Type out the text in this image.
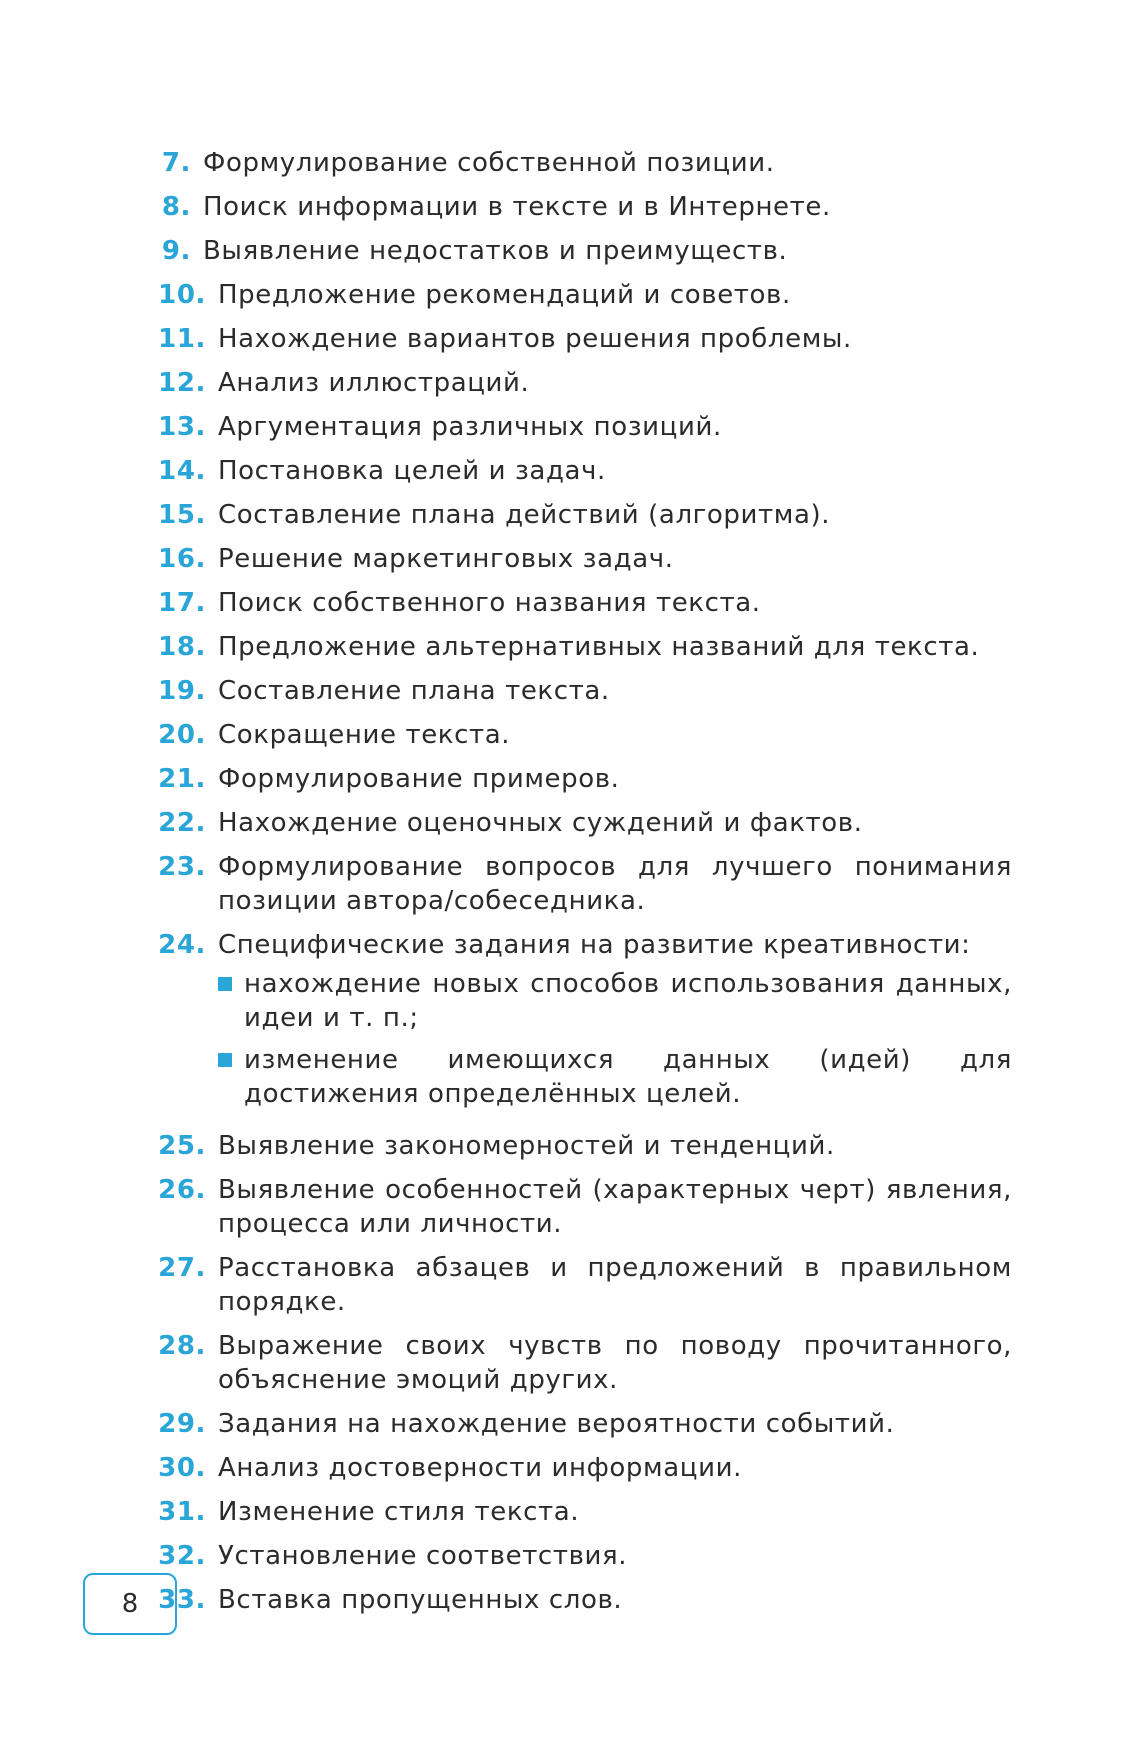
7. Формулирование собственной позиции.
8. Поиск информации в тексте и в Интернете.
9. Выявление недостатков и преимуществ.
10. Предложение рекомендаций и советов.
11. Нахождение вариантов решения проблемы.
12. Анализ иллюстраций.
13. Аргументация различных позиций.
14. Постановка целей и задач.
15. Составление плана действий (алгоритма).
16. Решение маркетинговых задач.
17. Поиск собственного названия текста.
18. Предложение альтернативных названий для текста.
19. Составление плана текста.
20. Сокращение текста.
21. Формулирование примеров.
22. Нахождение оценочных суждений и фактов.
23. Формулирование вопросов для лучшего понимания позиции автора/собеседника.
24. Специфические задания на развитие креативности:
нахождение новых способов использования данных, идеи и т. п.;
изменение имеющихся данных (идей) для достижения определённых целей.
25. Выявление закономерностей и тенденций.
26. Выявление особенностей (характерных черт) явления, процесса или личности.
27. Расстановка абзацев и предложений в правильном порядке.
28. Выражение своих чувств по поводу прочитанного, объяснение эмоций других.
29. Задания на нахождение вероятности событий.
30. Анализ достоверности информации.
31. Изменение стиля текста.
32. Установление соответствия.
33. Вставка пропущенных слов.
8
